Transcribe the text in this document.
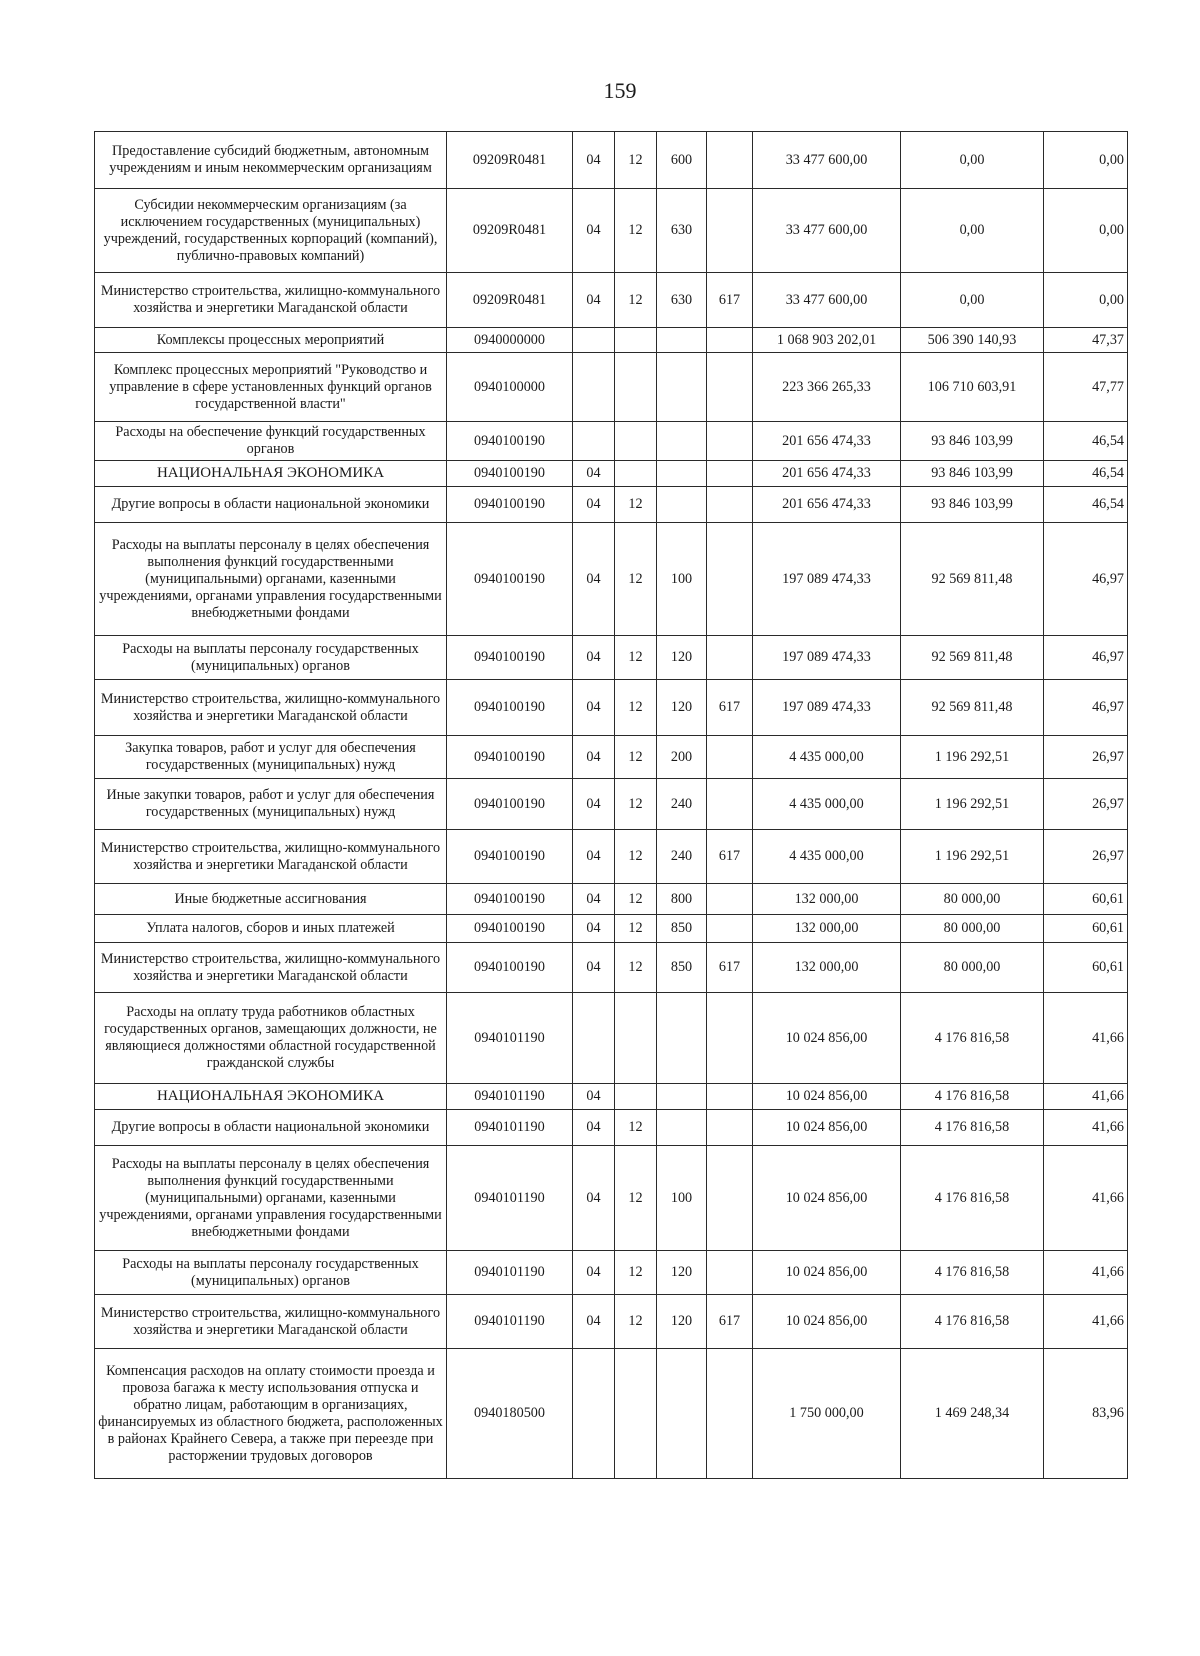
159
Предоставление субсидий бюджетным, автономным учреждениям и иным некоммерческим организациям	09209R0481	04	12	600		33 477 600,00	0,00	0,00
Субсидии некоммерческим организациям (за исключением государственных (муниципальных) учреждений, государственных корпораций (компаний), публично-правовых компаний)	09209R0481	04	12	630		33 477 600,00	0,00	0,00
Министерство строительства, жилищно-коммунального хозяйства и энергетики Магаданской области	09209R0481	04	12	630	617	33 477 600,00	0,00	0,00
Комплексы процессных мероприятий	0940000000					1 068 903 202,01	506 390 140,93	47,37
Комплекс процессных мероприятий "Руководство и управление в сфере установленных функций органов государственной власти"	0940100000					223 366 265,33	106 710 603,91	47,77
Расходы на обеспечение функций государственных органов	0940100190					201 656 474,33	93 846 103,99	46,54
НАЦИОНАЛЬНАЯ ЭКОНОМИКА	0940100190	04				201 656 474,33	93 846 103,99	46,54
Другие вопросы в области национальной экономики	0940100190	04	12			201 656 474,33	93 846 103,99	46,54
Расходы на выплаты персоналу в целях обеспечения выполнения функций государственными (муниципальными) органами, казенными учреждениями, органами управления государственными внебюджетными фондами	0940100190	04	12	100		197 089 474,33	92 569 811,48	46,97
Расходы на выплаты персоналу государственных (муниципальных) органов	0940100190	04	12	120		197 089 474,33	92 569 811,48	46,97
Министерство строительства, жилищно-коммунального хозяйства и энергетики Магаданской области	0940100190	04	12	120	617	197 089 474,33	92 569 811,48	46,97
Закупка товаров, работ и услуг для обеспечения государственных (муниципальных) нужд	0940100190	04	12	200		4 435 000,00	1 196 292,51	26,97
Иные закупки товаров, работ и услуг для обеспечения государственных (муниципальных) нужд	0940100190	04	12	240		4 435 000,00	1 196 292,51	26,97
Министерство строительства, жилищно-коммунального хозяйства и энергетики Магаданской области	0940100190	04	12	240	617	4 435 000,00	1 196 292,51	26,97
Иные бюджетные ассигнования	0940100190	04	12	800		132 000,00	80 000,00	60,61
Уплата налогов, сборов и иных платежей	0940100190	04	12	850		132 000,00	80 000,00	60,61
Министерство строительства, жилищно-коммунального хозяйства и энергетики Магаданской области	0940100190	04	12	850	617	132 000,00	80 000,00	60,61
Расходы на оплату труда работников областных государственных органов, замещающих должности, не являющиеся должностями областной государственной гражданской службы	0940101190					10 024 856,00	4 176 816,58	41,66
НАЦИОНАЛЬНАЯ ЭКОНОМИКА	0940101190	04				10 024 856,00	4 176 816,58	41,66
Другие вопросы в области национальной экономики	0940101190	04	12			10 024 856,00	4 176 816,58	41,66
Расходы на выплаты персоналу в целях обеспечения выполнения функций государственными (муниципальными) органами, казенными учреждениями, органами управления государственными внебюджетными фондами	0940101190	04	12	100		10 024 856,00	4 176 816,58	41,66
Расходы на выплаты персоналу государственных (муниципальных) органов	0940101190	04	12	120		10 024 856,00	4 176 816,58	41,66
Министерство строительства, жилищно-коммунального хозяйства и энергетики Магаданской области	0940101190	04	12	120	617	10 024 856,00	4 176 816,58	41,66
Компенсация расходов на оплату стоимости проезда и провоза багажа к месту использования отпуска и обратно лицам, работающим в организациях, финансируемых из областного бюджета, расположенных в районах Крайнего Севера, а также при переезде при расторжении трудовых договоров	0940180500					1 750 000,00	1 469 248,34	83,96
